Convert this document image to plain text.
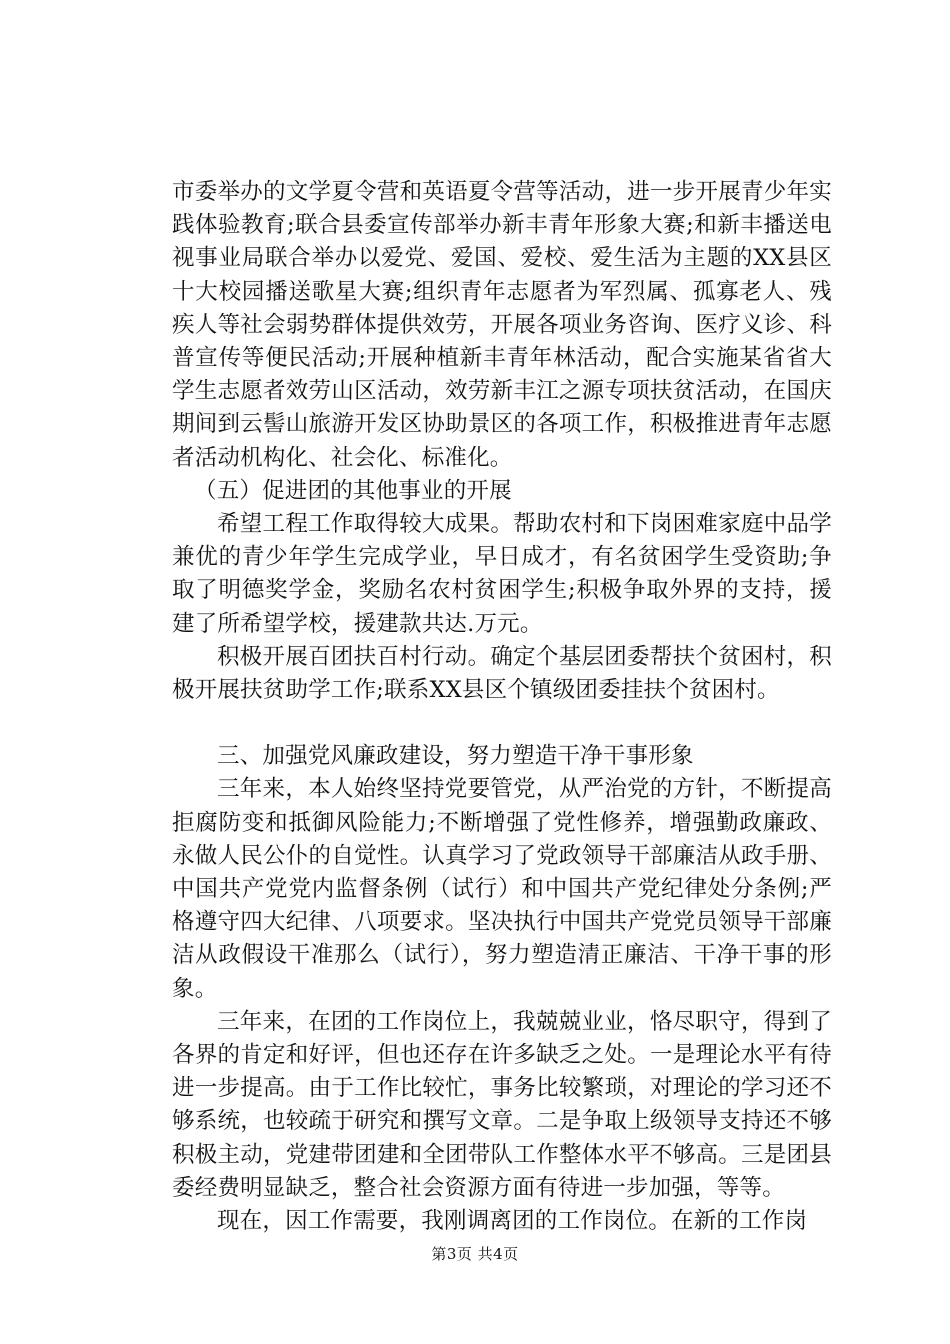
市委举办的文学夏令营和英语夏令营等活动，进一步开展青少年实践体验教育;联合县委宣传部举办新丰青年形象大赛;和新丰播送电视事业局联合举办以爱党、爱国、爱校、爱生活为主题的XX县区十大校园播送歌星大赛;组织青年志愿者为军烈属、孤寡老人、残疾人等社会弱势群体提供效劳，开展各项业务咨询、医疗义诊、科普宣传等便民活动;开展种植新丰青年林活动，配合实施某省省大学生志愿者效劳山区活动，效劳新丰江之源专项扶贫活动，在国庆期间到云髻山旅游开发区协助景区的各项工作，积极推进青年志愿者活动机构化、社会化、标准化。

（五）促进团的其他事业的开展

希望工程工作取得较大成果。帮助农村和下岗困难家庭中品学兼优的青少年学生完成学业，早日成才，有名贫困学生受资助;争取了明德奖学金，奖励名农村贫困学生;积极争取外界的支持，援建了所希望学校，援建款共达.万元。

积极开展百团扶百村行动。确定个基层团委帮扶个贫困村，积极开展扶贫助学工作;联系XX县区个镇级团委挂扶个贫困村。

三、加强党风廉政建设，努力塑造干净干事形象

三年来，本人始终坚持党要管党，从严治党的方针，不断提高拒腐防变和抵御风险能力;不断增强了党性修养，增强勤政廉政、永做人民公仆的自觉性。认真学习了党政领导干部廉洁从政手册、中国共产党党内监督条例（试行）和中国共产党纪律处分条例;严格遵守四大纪律、八项要求。坚决执行中国共产党党员领导干部廉洁从政假设干准那么（试行），努力塑造清正廉洁、干净干事的形象。

三年来，在团的工作岗位上，我兢兢业业，恪尽职守，得到了各界的肯定和好评，但也还存在许多缺乏之处。一是理论水平有待进一步提高。由于工作比较忙，事务比较繁琐，对理论的学习还不够系统，也较疏于研究和撰写文章。二是争取上级领导支持还不够积极主动，党建带团建和全团带队工作整体水平不够高。三是团县委经费明显缺乏，整合社会资源方面有待进一步加强，等等。

现在，因工作需要，我刚调离团的工作岗位。在新的工作岗

第3页 共4页
